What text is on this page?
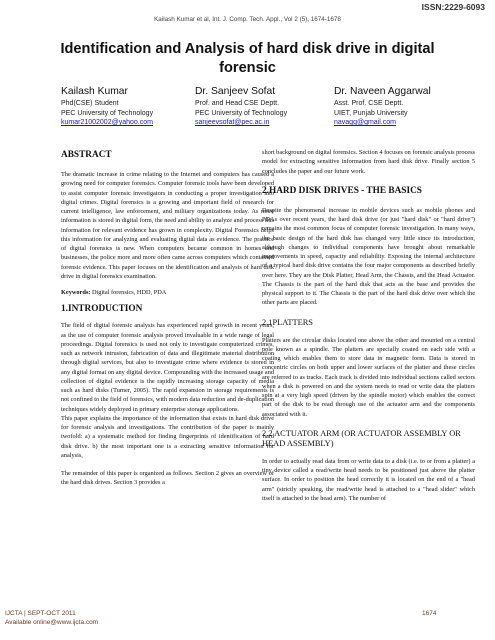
ISSN:2229-6093
Kailash Kumar et al, Int. J. Comp. Tech. Appl., Vol 2 (5), 1674-1678
Identification and Analysis of hard disk drive in digital forensic
Kailash Kumar
Phd(CSE) Student
PEC University of Technology
kumar21002002@yahoo.com
Dr. Sanjeev Sofat
Prof. and Head CSE Deptt.
PEC University of Technology
sanjeevsofat@pec.ac.in
Dr. Naveen Aggarwal
Asst. Prof. CSE Deptt.
UIET, Punjab University
navagg@gmail.com
ABSTRACT

The dramatic increase in crime relating to the Internet and computers has caused a growing need for computer forensics. Computer forensic tools have been developed to assist computer forensic investigators in conducting a proper investigation into digital crimes. Digital forensics is a growing and important field of research for current intelligence, law enforcement, and military organizations today. As more information is stored in digital form, the need and ability to analyze and process this information for relevant evidence has grown in complexity. Digital Forensics helps this information for analyzing and evaluating digital data as evidence. The practice of digital forensics is new. When computers became common in homes and businesses, the police more and more often came across computers which contained forensic evidence. This paper focuses on the identification and analysis of hard disk drive in digital forensics examination.

Keywords: Digital forensics, HDD, PDA

1.INTRODUCTION

The field of digital forensic analysis has experienced rapid growth in recent years, as the use of computer forensic analysis proved invaluable in a wide range of legal proceedings. Digital forensics is used not only to investigate computerized crimes, such as network intrusion, fabrication of data and illegitimate material distribution through digital services, but also to investigate crime where evidence is stored in any digital format on any digital device. Compounding with the increased usage and collection of digital evidence is the rapidly increasing storage capacity of media such as hard disks (Turner, 2005). The rapid expansion in storage requirements is not confined to the field of forensics, with modern data reduction and de-duplication techniques widely deployed in primary enterprise storage applications.

This paper explains the importance of the information that exists in hard disk drive for forensic analysis and investigations. The contribution of the paper is mainly twofold: a) a systematic method for finding fingerprints of identification of hard disk drive. b) the most important one is a extracting sensitive information for analysis,

The remainder of this paper is organized as follows. Section 2 gives an overview of the hard disk drives. Section 3 provides a

short background on digital forensics. Section 4 focuses on forensic analysis process model for extracting sensitive information from hard disk drive. Finally section 5 concludes the paper and our future work.

2.HARD DISK DRIVES - THE BASICS

Despite the phenomenal increase in mobile devices such as mobile phones and PDAs over recent years, the hard disk drive (or just "hard disk" or "hard drive") remains the most common focus of computer forensic investigation. In many ways, the basic design of the hard disk has changed very little since its introduction, although changes to individual components have brought about remarkable improvements in speed, capacity and reliability. Exposing the internal architecture of a typical hard disk drive contains the four major components as described briefly over here. They are the Disk Platter, Head Arm, the Chassis, and the Head Actuator. The Chassis is the part of the hard disk that acts as the base and provides the physical support to it. The Chassis is the part of the hard disk drive over which the other parts are placed.

2.1PLATTERS

Platters are the circular disks located one above the other and mounted on a central pole known as a spindle. The platters are specially coated on each side with a coating which enables them to store data in magnetic form. Data is stored in concentric circles on both upper and lower surfaces of the platter and these circles are referred to as tracks. Each track is divided into individual sections called sectors when a disk is powered on and the system needs to read or write data the platters spin at a very high speed (driven by the spindle motor) which enables the correct part of the disk to be read through use of the actuator arm and the components associated with it.

2.2 ACTUATOR ARM (OR ACTUATOR ASSEMBLY OR HEAD ASSEMBLY)

In order to actually read data from or write data to a disk (i.e. to or from a platter) a tiny device called a read/write head needs to be positioned just above the platter surface. In order to position the head correctly it is located on the end of a "head arm" (strictly speaking, the read/write head is attached to a "head slider" which itself is attached to the head arm). The number of

IJCTA | SEPT-OCT 2011
Available online@www.ijcta.com
1674
